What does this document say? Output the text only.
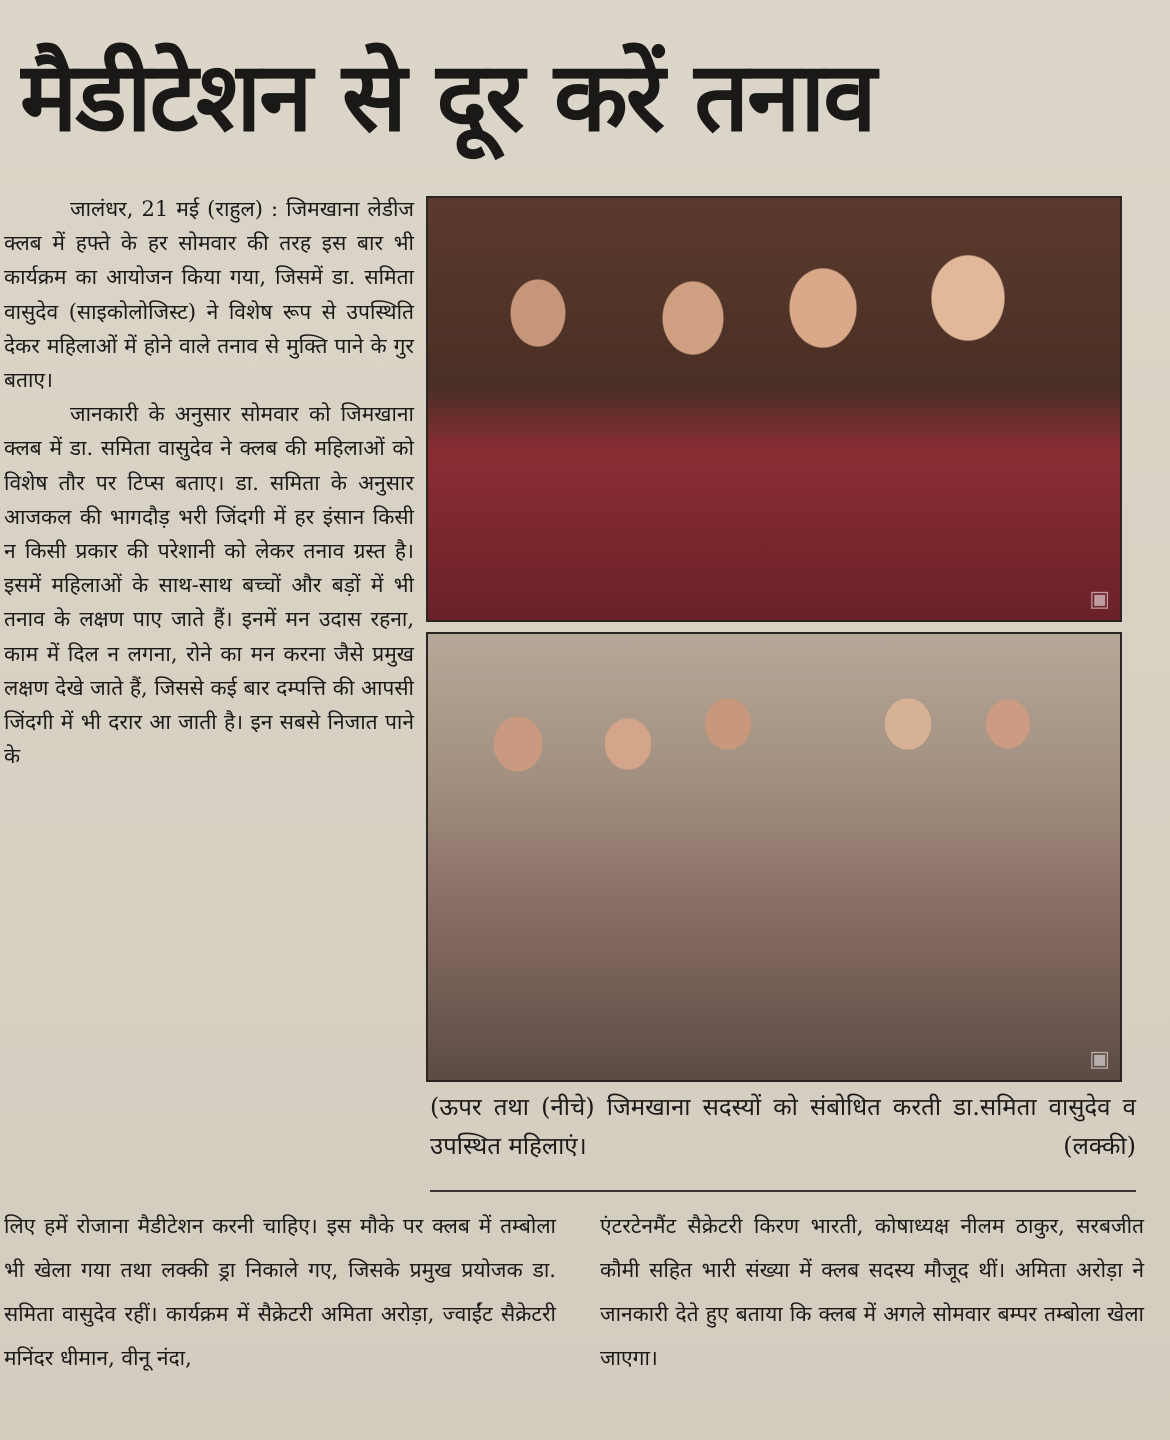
मैडीटेशन से दूर करें तनाव

जालंधर, 21 मई (राहुल) : जिमखाना लेडीज क्लब में हफ्ते के हर सोमवार की तरह इस बार भी कार्यक्रम का आयोजन किया गया, जिसमें डा. समिता वासुदेव (साइकोलोजिस्ट) ने विशेष रूप से उपस्थिति देकर महिलाओं में होने वाले तनाव से मुक्ति पाने के गुर बताए।

जानकारी के अनुसार सोमवार को जिमखाना क्लब में डा. समिता वासुदेव ने क्लब की महिलाओं को विशेष तौर पर टिप्स बताए। डा. समिता के अनुसार आजकल की भागदौड़ भरी जिंदगी में हर इंसान किसी न किसी प्रकार की परेशानी को लेकर तनाव ग्रस्त है। इसमें महिलाओं के साथ-साथ बच्चों और बड़ों में भी तनाव के लक्षण पाए जाते हैं। इनमें मन उदास रहना, काम में दिल न लगना, रोने का मन करना जैसे प्रमुख लक्षण देखे जाते हैं, जिससे कई बार दम्पत्ति की आपसी जिंदगी में भी दरार आ जाती है। इन सबसे निजात पाने के

▣
▣
(ऊपर तथा (नीचे) जिमखाना सदस्यों को संबोधित करती डा.समिता वासुदेव व उपस्थित महिलाएं।	(लक्की)

लिए हमें रोजाना मैडीटेशन करनी चाहिए। इस मौके पर क्लब में तम्बोला भी खेला गया तथा लक्की ड्रा निकाले गए, जिसके प्रमुख प्रयोजक डा. समिता वासुदेव रहीं। कार्यक्रम में सैक्रेटरी अमिता अरोड़ा, ज्वाईंट सैक्रेटरी मनिंदर धीमान, वीनू नंदा,

एंटरटेनमैंट सैक्रेटरी किरण भारती, कोषाध्यक्ष नीलम ठाकुर, सरबजीत कौमी सहित भारी संख्या में क्लब सदस्य मौजूद थीं। अमिता अरोड़ा ने जानकारी देते हुए बताया कि क्लब में अगले सोमवार बम्पर तम्बोला खेला जाएगा।
